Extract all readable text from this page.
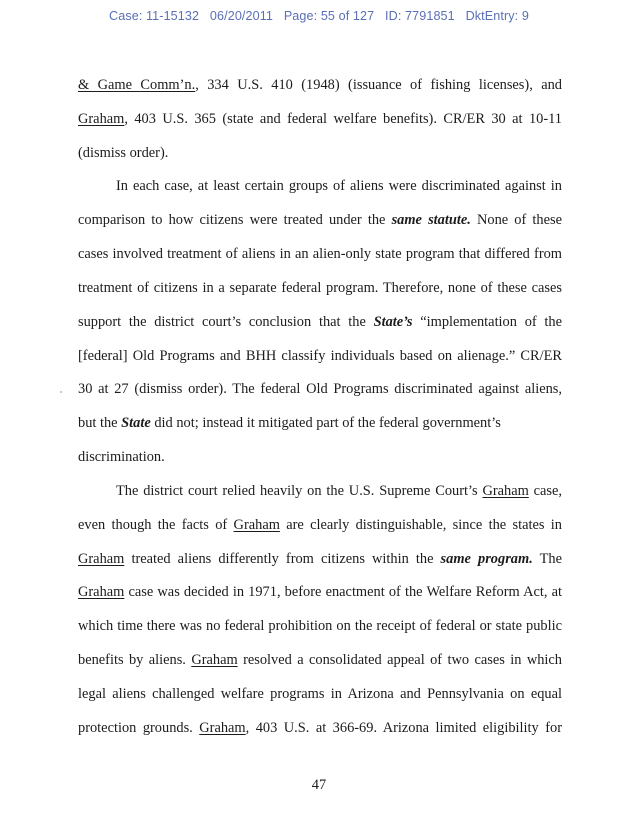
Case: 11-15132 06/20/2011 Page: 55 of 127 ID: 7791851 DktEntry: 9
& Game Comm’n., 334 U.S. 410 (1948) (issuance of fishing licenses), and
Graham, 403 U.S. 365 (state and federal welfare benefits). CR/ER 30 at 10-11
(dismiss order).
In each case, at least certain groups of aliens were discriminated against in
comparison to how citizens were treated under the same statute. None of these
cases involved treatment of aliens in an alien-only state program that differed from
treatment of citizens in a separate federal program. Therefore, none of these cases
support the district court’s conclusion that the State’s “implementation of the
[federal] Old Programs and BHH classify individuals based on alienage.” CR/ER
30 at 27 (dismiss order). The federal Old Programs discriminated against aliens,
but the State did not; instead it mitigated part of the federal government’s
discrimination.
The district court relied heavily on the U.S. Supreme Court’s Graham case,
even though the facts of Graham are clearly distinguishable, since the states in
Graham treated aliens differently from citizens within the same program. The
Graham case was decided in 1971, before enactment of the Welfare Reform Act, at
which time there was no federal prohibition on the receipt of federal or state public
benefits by aliens. Graham resolved a consolidated appeal of two cases in which
legal aliens challenged welfare programs in Arizona and Pennsylvania on equal
protection grounds. Graham, 403 U.S. at 366-69. Arizona limited eligibility for
47
